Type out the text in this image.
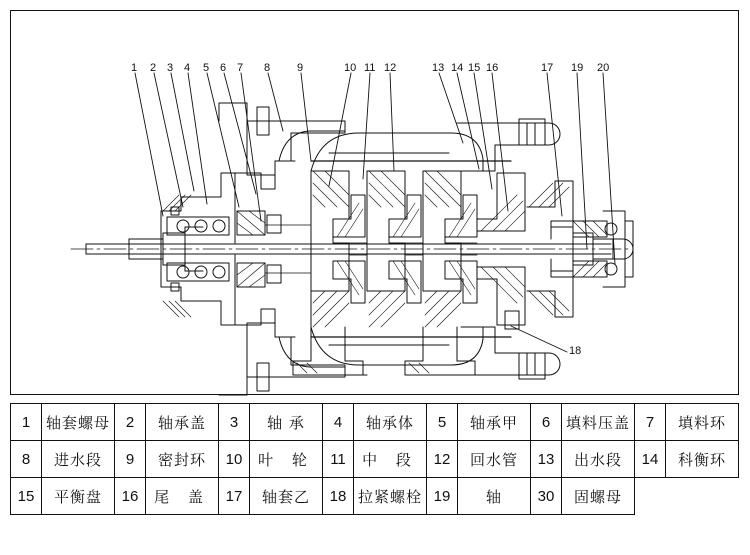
1 2 3 4 5 6 7 8 9	10 11 12	13 14 15 16	17 19 20
18
1	轴套螺母	2	轴承盖	3	轴 承	4	轴承体	5	轴承甲	6	填料压盖	7	填料环
8	进水段	9	密封环	10	叶 轮	11	中 段	12	回水管	13	出水段	14	科衡环
15	平衡盘	16	尾 盖	17	轴套乙	18	拉紧螺栓	19	轴	30	固螺母		
